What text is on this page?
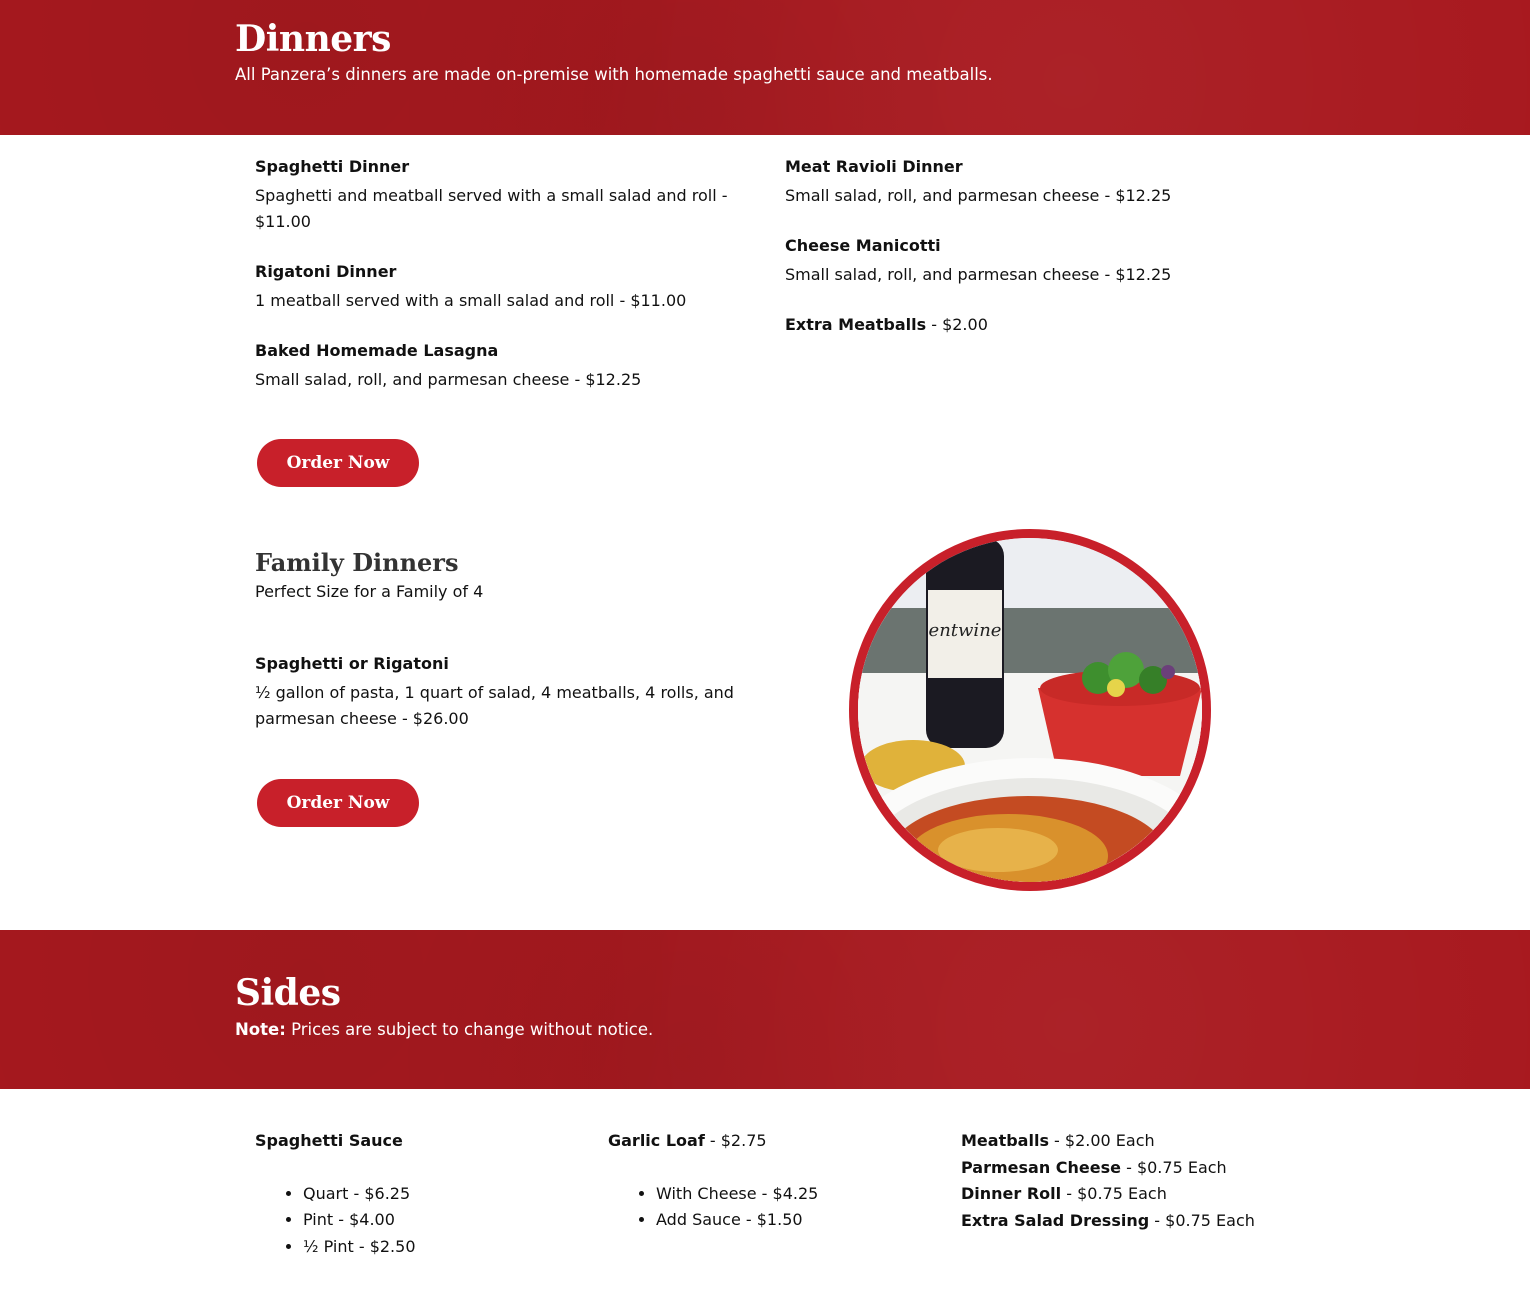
Dinners

All Panzera’s dinners are made on-premise with homemade spaghetti sauce and meatballs.

Spaghetti Dinner

Spaghetti and meatball served with a small salad and roll - $11.00

Rigatoni Dinner

1 meatball served with a small salad and roll - $11.00

Baked Homemade Lasagna

Small salad, roll, and parmesan cheese - $12.25

Meat Ravioli Dinner

Small salad, roll, and parmesan cheese - $12.25

Cheese Manicotti

Small salad, roll, and parmesan cheese - $12.25

Extra Meatballs - $2.00
Order Now
Family Dinners

Perfect Size for a Family of 4

Spaghetti or Rigatoni

½ gallon of pasta, 1 quart of salad, 4 meatballs, 4 rolls, and parmesan cheese - $26.00

Order Now
entwine
Sides

Note: Prices are subject to change without notice.

Spaghetti Sauce

• Quart - $6.25
• Pint - $4.00
• ½ Pint - $2.50

Garlic Loaf - $2.75

• With Cheese - $4.25
• Add Sauce - $1.50

Meatballs - $2.00 Each

Parmesan Cheese - $0.75 Each

Dinner Roll - $0.75 Each

Extra Salad Dressing - $0.75 Each
